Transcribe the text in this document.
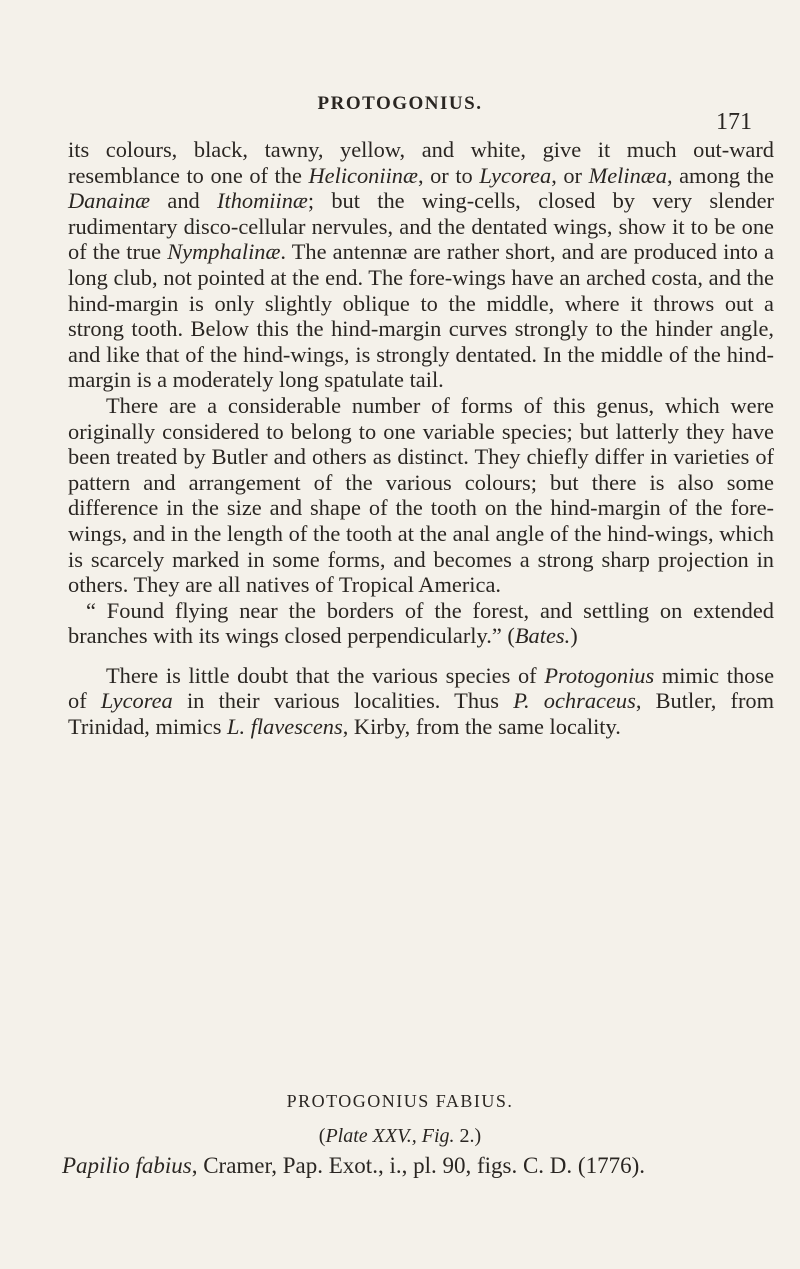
PROTOGONIUS.
171

its colours, black, tawny, yellow, and white, give it much out-ward resemblance to one of the Heliconiinæ, or to Lycorea, or Melinæa, among the Danainæ and Ithomiinæ; but the wing-cells, closed by very slender rudimentary disco-cellular nervules, and the dentated wings, show it to be one of the true Nymphalinæ. The antennæ are rather short, and are produced into a long club, not pointed at the end. The fore-wings have an arched costa, and the hind-margin is only slightly oblique to the middle, where it throws out a strong tooth. Below this the hind-margin curves strongly to the hinder angle, and like that of the hind-wings, is strongly dentated. In the middle of the hind-margin is a moderately long spatulate tail.

There are a considerable number of forms of this genus, which were originally considered to belong to one variable species; but latterly they have been treated by Butler and others as distinct. They chiefly differ in varieties of pattern and arrangement of the various colours; but there is also some difference in the size and shape of the tooth on the hind-margin of the fore-wings, and in the length of the tooth at the anal angle of the hind-wings, which is scarcely marked in some forms, and becomes a strong sharp projection in others. They are all natives of Tropical America.

“ Found flying near the borders of the forest, and settling on extended branches with its wings closed perpendicularly.” (Bates.)

There is little doubt that the various species of Protogonius mimic those of Lycorea in their various localities. Thus P. ochraceus, Butler, from Trinidad, mimics L. flavescens, Kirby, from the same locality.

PROTOGONIUS FABIUS.
(Plate XXV., Fig. 2.)
Papilio fabius, Cramer, Pap. Exot., i., pl. 90, figs. C. D. (1776).
